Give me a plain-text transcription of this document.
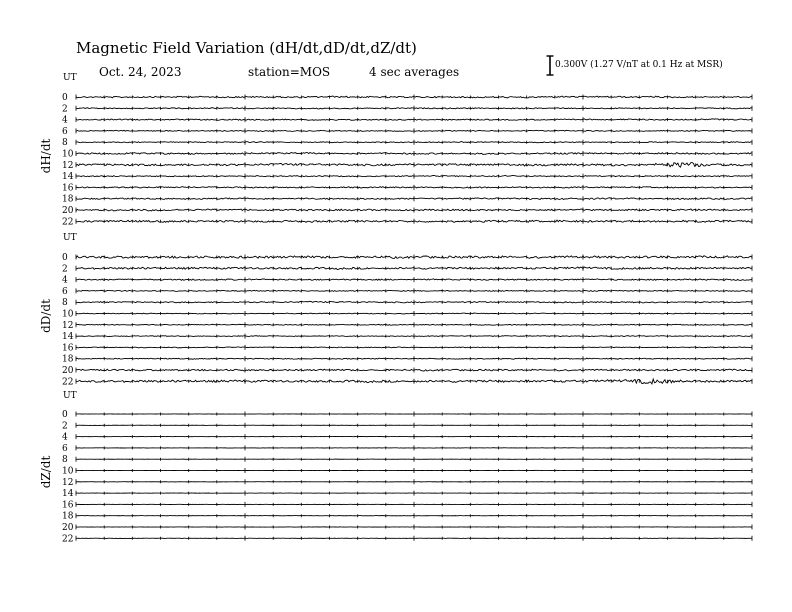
Magnetic Field Variation (dH/dt,dD/dt,dZ/dt)
Oct. 24, 2023	station=MOS	4 sec averages	0.300V (1.27 V/nT at 0.1 Hz at MSR)
UT
dH/dt
0
2
4
6
8
10
12
14
16
18
20
22
UT
dD/dt
0
2
4
6
8
10
12
14
16
18
20
22
UT
dZ/dt
0
2
4
6
8
10
12
14
16
18
20
22
